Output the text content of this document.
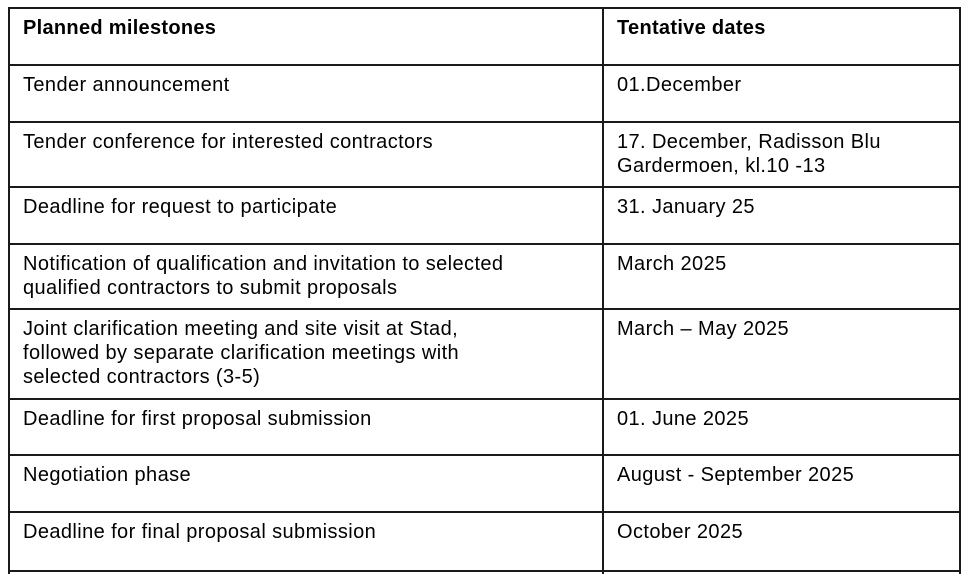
Planned milestones	Tentative dates
Tender announcement	01.December
Tender conference for interested contractors	17. December, Radisson Blu
Gardermoen, kl.10 -13
Deadline for request to participate	31. January 25
Notification of qualification and invitation to selected
qualified contractors to submit proposals	March 2025
Joint clarification meeting and site visit at Stad,
followed by separate clarification meetings with
selected contractors (3-5)	March – May 2025
Deadline for first proposal submission	01. June 2025
Negotiation phase	August - September 2025
Deadline for final proposal submission	October 2025
